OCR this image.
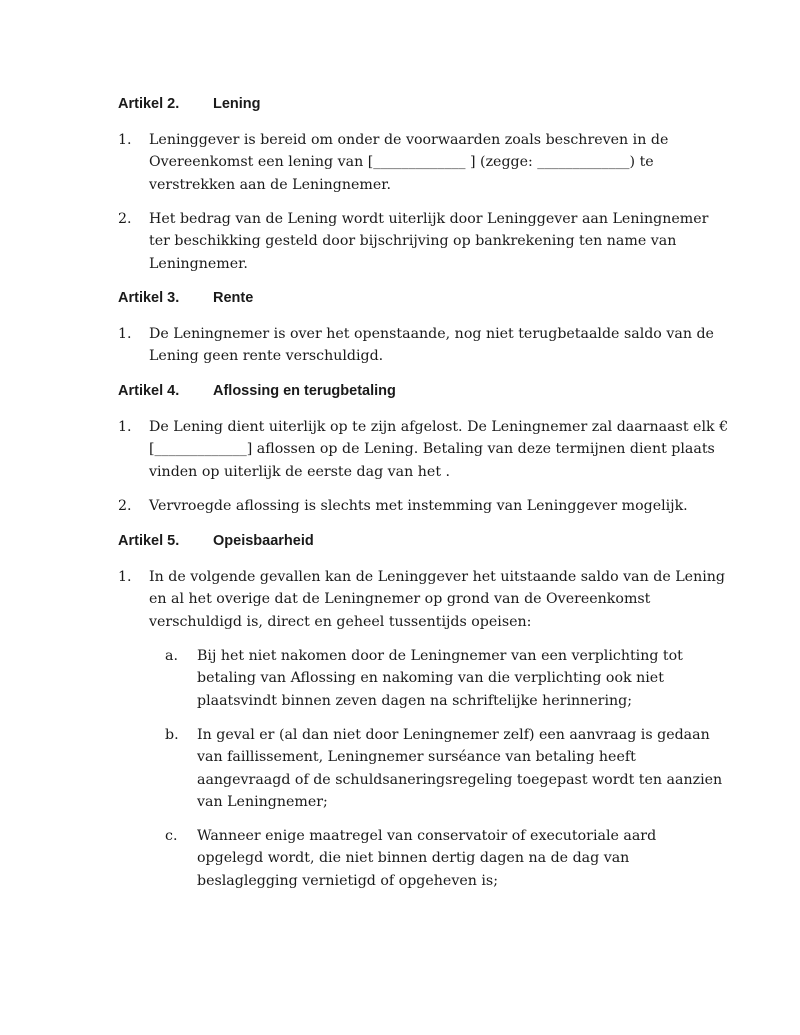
Artikel 2. Lening
1. Leninggever is bereid om onder de voorwaarden zoals beschreven in de
Overeenkomst een lening van [_____________ ] (zegge: _____________) te
verstrekken aan de Leningnemer.
2. Het bedrag van de Lening wordt uiterlijk door Leninggever aan Leningnemer
ter beschikking gesteld door bijschrijving op bankrekening ten name van
Leningnemer.
Artikel 3. Rente
1. De Leningnemer is over het openstaande, nog niet terugbetaalde saldo van de
Lening geen rente verschuldigd.
Artikel 4. Aflossing en terugbetaling
1. De Lening dient uiterlijk op te zijn afgelost. De Leningnemer zal daarnaast elk €
[_____________] aflossen op de Lening. Betaling van deze termijnen dient plaats
vinden op uiterlijk de eerste dag van het .
2. Vervroegde aflossing is slechts met instemming van Leninggever mogelijk.
Artikel 5. Opeisbaarheid
1. In de volgende gevallen kan de Leninggever het uitstaande saldo van de Lening
en al het overige dat de Leningnemer op grond van de Overeenkomst
verschuldigd is, direct en geheel tussentijds opeisen:
a. Bij het niet nakomen door de Leningnemer van een verplichting tot
betaling van Aflossing en nakoming van die verplichting ook niet
plaatsvindt binnen zeven dagen na schriftelijke herinnering;
b. In geval er (al dan niet door Leningnemer zelf) een aanvraag is gedaan
van faillissement, Leningnemer surséance van betaling heeft
aangevraagd of de schuldsaneringsregeling toegepast wordt ten aanzien
van Leningnemer;
c. Wanneer enige maatregel van conservatoir of executoriale aard
opgelegd wordt, die niet binnen dertig dagen na de dag van
beslaglegging vernietigd of opgeheven is;
